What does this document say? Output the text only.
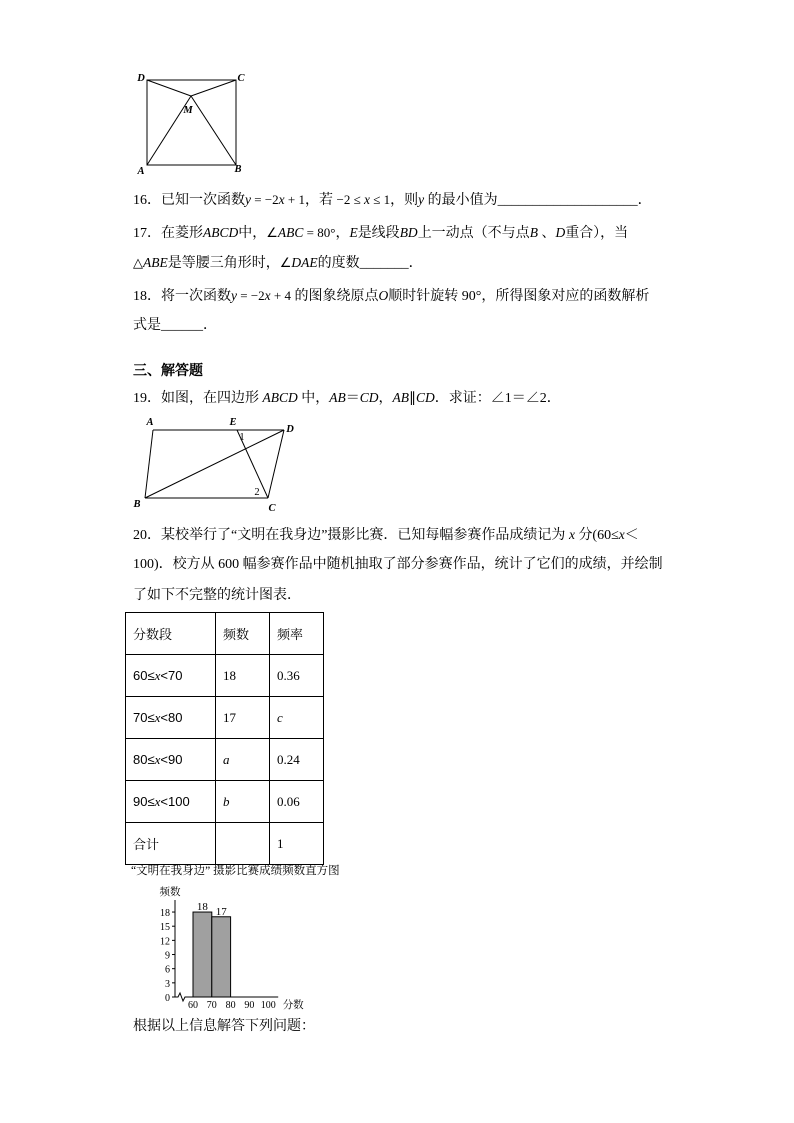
D	C
M
A	B
16．已知一次函数y = −2x + 1，若 −2 ≤ x ≤ 1，则y 的最小值为____________________．
17．在菱形ABCD中，∠ABC = 80°，E是线段BD上一动点（不与点B 、D重合），当
△ABE是等腰三角形时，∠DAE的度数_______．
18．将一次函数y = −2x + 4 的图象绕原点O顺时针旋转 90°，所得图象对应的函数解析
式是______．
三、解答题
19．如图，在四边形 ABCD 中，AB＝CD，AB∥CD．求证：∠1＝∠2．
A	E
D
B	C
1
2
20．某校举行了“文明在我身边”摄影比赛．已知每幅参赛作品成绩记为 x 分(60≤x＜
100)．校方从 600 幅参赛作品中随机抽取了部分参赛作品，统计了它们的成绩，并绘制
了如下不完整的统计图表．
分数段	频数	频率
60≤x<70	18	0.36
70≤x<80	17	c
80≤x<90	a	0.24
90≤x<100	b	0.06
合计		1
“文明在我身边” 摄影比赛成绩频数直方图
18 17
0
3
6
9
12
15
18
60 70 80 90 100
频数
分数
根据以上信息解答下列问题：
